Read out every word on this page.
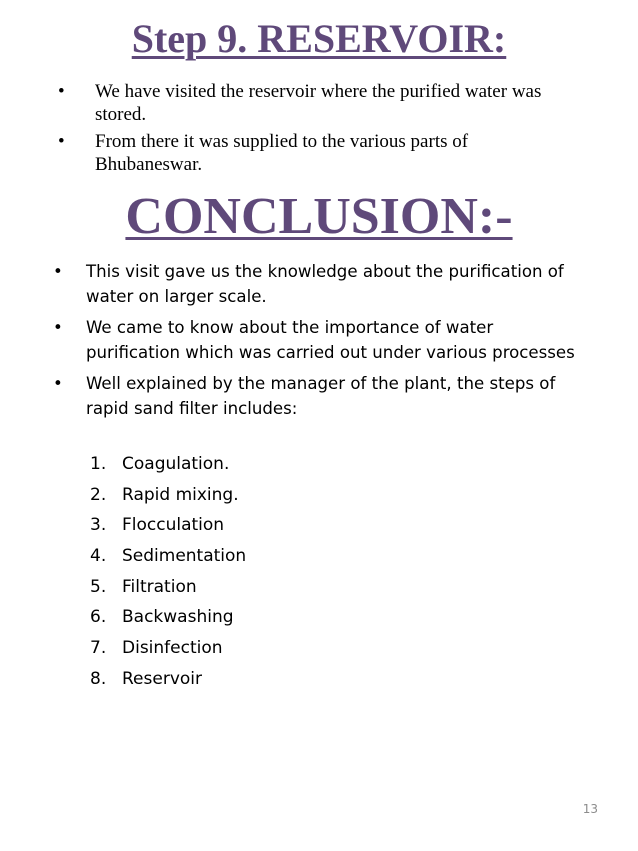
Step 9. RESERVOIR:
• We have visited the reservoir where the purified water was stored.
• From there it was supplied to the various parts of Bhubaneswar.
CONCLUSION:-
• This visit gave us the knowledge about the purification of water on larger scale.
• We came to know about the importance of water purification which was carried out under various processes
• Well explained by the manager of the plant, the steps of rapid sand filter includes:
1. Coagulation.
2. Rapid mixing.
3. Flocculation
4. Sedimentation
5. Filtration
6. Backwashing
7. Disinfection
8. Reservoir
13
